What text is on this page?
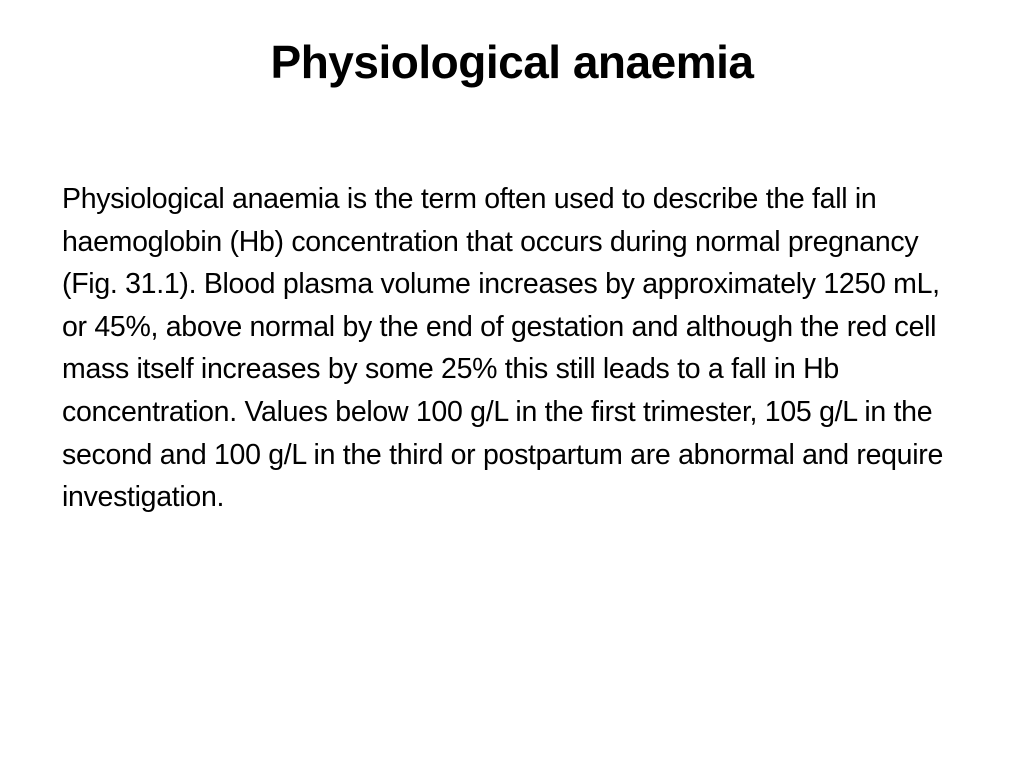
Physiological anaemia

Physiological anaemia is the term often used to describe the fall in haemoglobin (Hb) concentration that occurs during normal pregnancy (Fig. 31.1). Blood plasma volume increases by approximately 1250 mL, or 45%, above normal by the end of gestation and although the red cell mass itself increases by some 25% this still leads to a fall in Hb concentration. Values below 100 g/L in the first trimester, 105 g/L in the second and 100 g/L in the third or postpartum are abnormal and require investigation.
